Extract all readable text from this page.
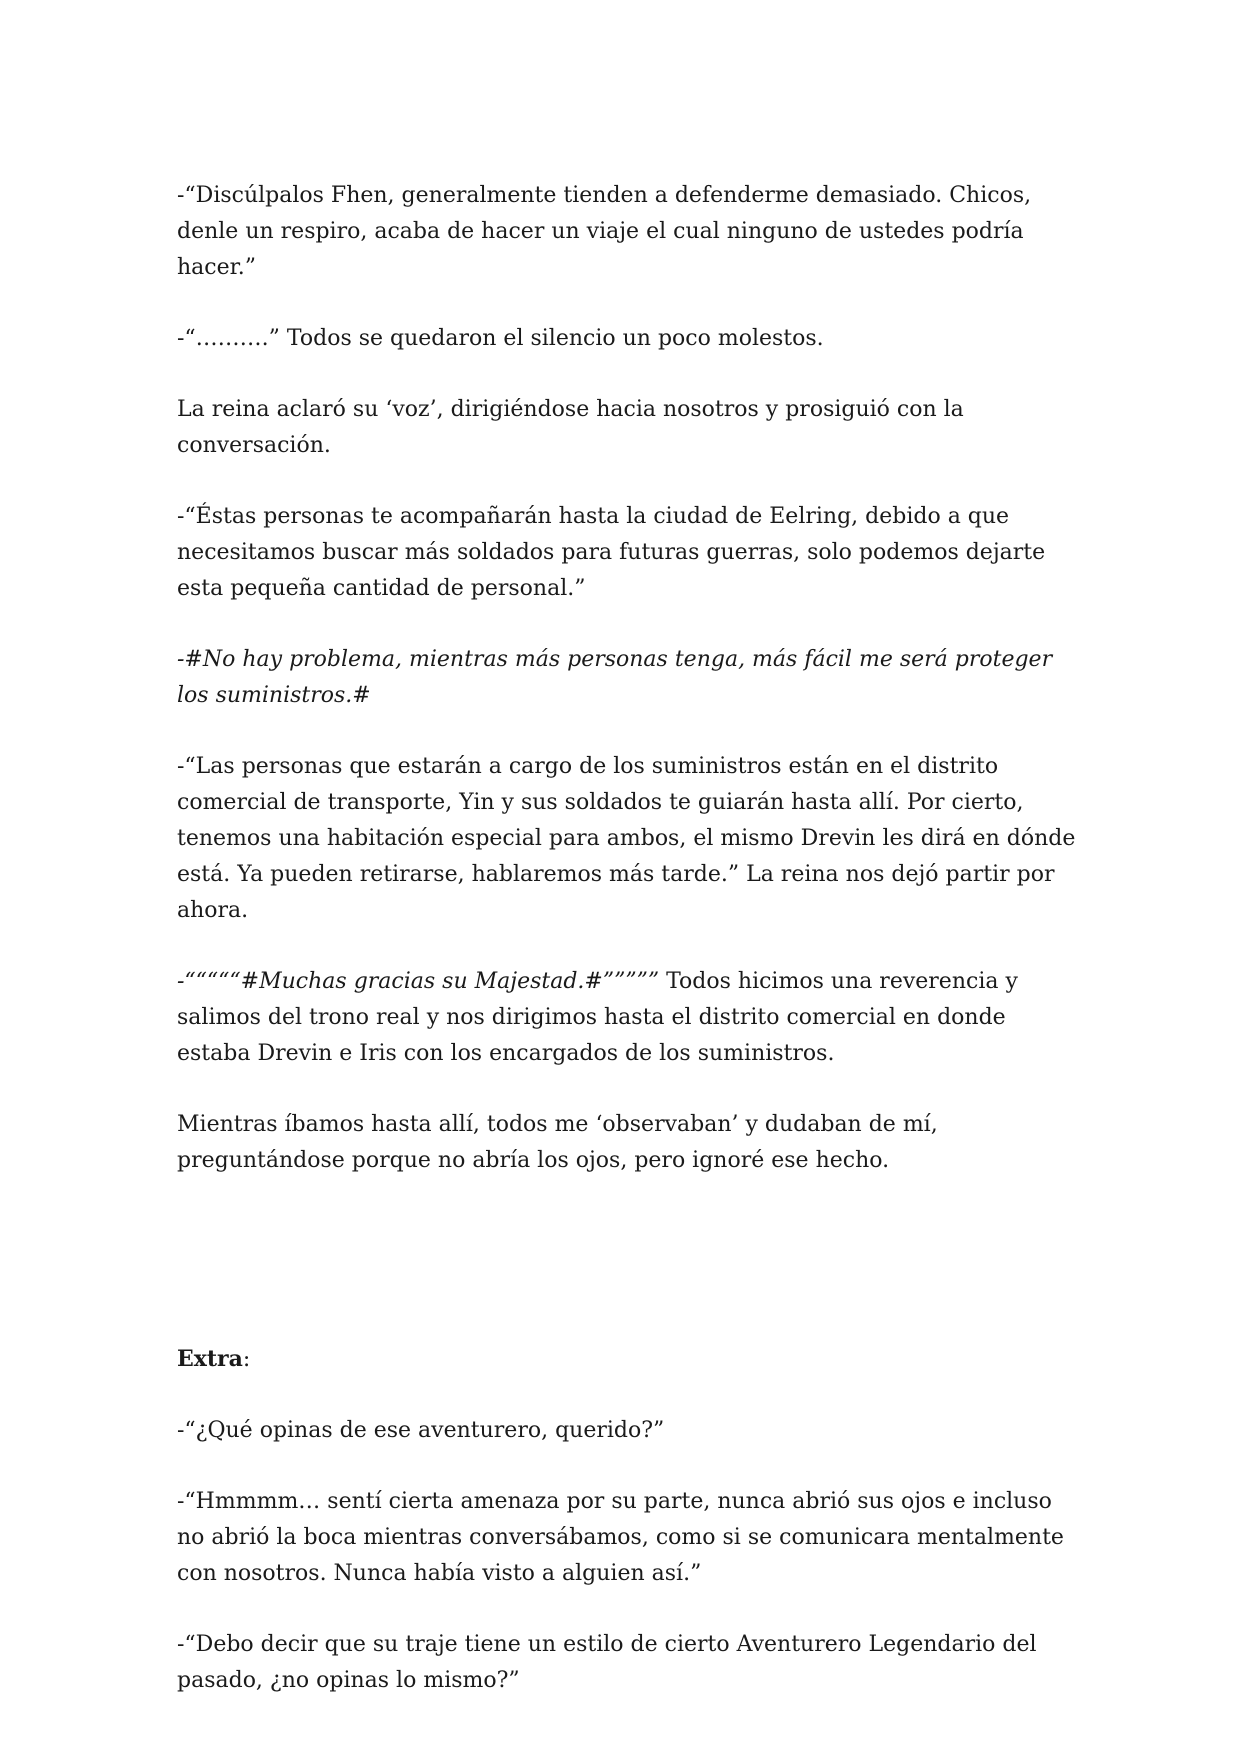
-“Discúlpalos Fhen, generalmente tienden a defenderme demasiado. Chicos, denle un respiro, acaba de hacer un viaje el cual ninguno de ustedes podría hacer.”

-“……….” Todos se quedaron el silencio un poco molestos.

La reina aclaró su ‘voz’, dirigiéndose hacia nosotros y prosiguió con la conversación.

-“Éstas personas te acompañarán hasta la ciudad de Eelring, debido a que necesitamos buscar más soldados para futuras guerras, solo podemos dejarte esta pequeña cantidad de personal.”

-#No hay problema, mientras más personas tenga, más fácil me será proteger los suministros.#

-“Las personas que estarán a cargo de los suministros están en el distrito comercial de transporte, Yin y sus soldados te guiarán hasta allí. Por cierto, tenemos una habitación especial para ambos, el mismo Drevin les dirá en dónde está. Ya pueden retirarse, hablaremos más tarde.” La reina nos dejó partir por ahora.

-“““““#Muchas gracias su Majestad.#””””” Todos hicimos una reverencia y salimos del trono real y nos dirigimos hasta el distrito comercial en donde estaba Drevin e Iris con los encargados de los suministros.

Mientras íbamos hasta allí, todos me ‘observaban’ y dudaban de mí, preguntándose porque no abría los ojos, pero ignoré ese hecho.

Extra:

-“¿Qué opinas de ese aventurero, querido?”

-“Hmmmm… sentí cierta amenaza por su parte, nunca abrió sus ojos e incluso no abrió la boca mientras conversábamos, como si se comunicara mentalmente con nosotros. Nunca había visto a alguien así.”

-“Debo decir que su traje tiene un estilo de cierto Aventurero Legendario del pasado, ¿no opinas lo mismo?”
